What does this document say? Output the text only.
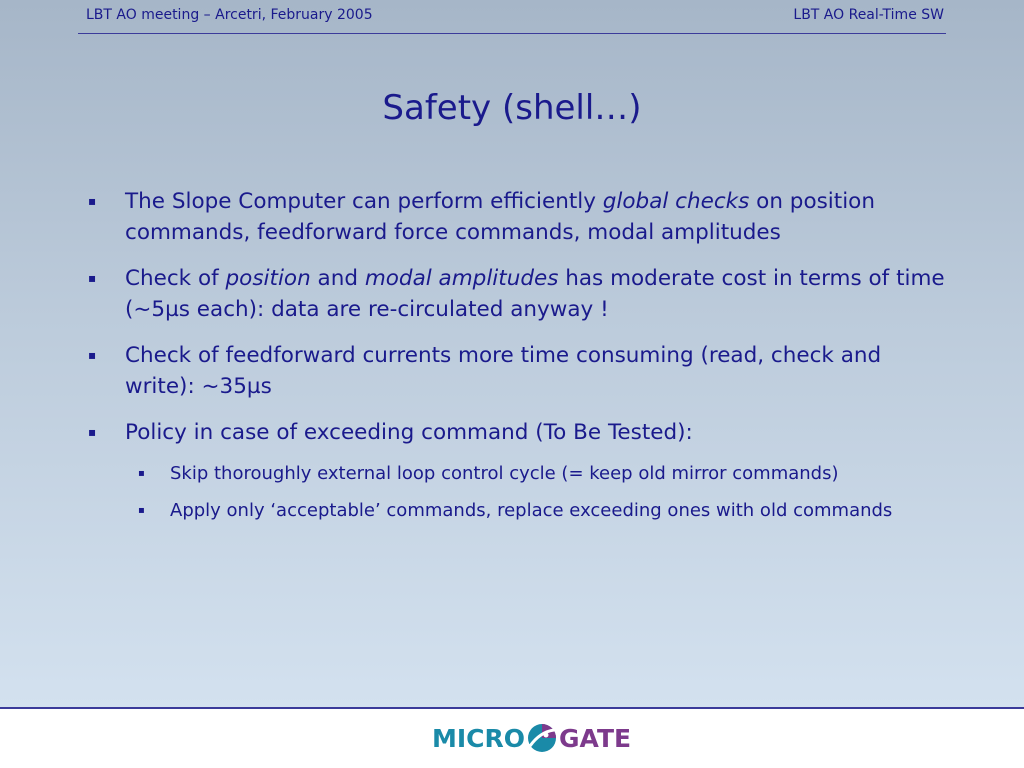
LBT AO meeting – Arcetri, February 2005	LBT AO Real-Time SW
Safety (shell…)
▪ The Slope Computer can perform efficiently global checks on position commands, feedforward force commands, modal amplitudes
▪ Check of position and modal amplitudes has moderate cost in terms of time (~5µs each): data are re-circulated anyway !
▪ Check of feedforward currents more time consuming (read, check and write): ~35µs
▪ Policy in case of exceeding command (To Be Tested):
▪ Skip thoroughly external loop control cycle (= keep old mirror commands)
▪ Apply only ‘acceptable’ commands, replace exceeding ones with old commands
MICRO GATE
